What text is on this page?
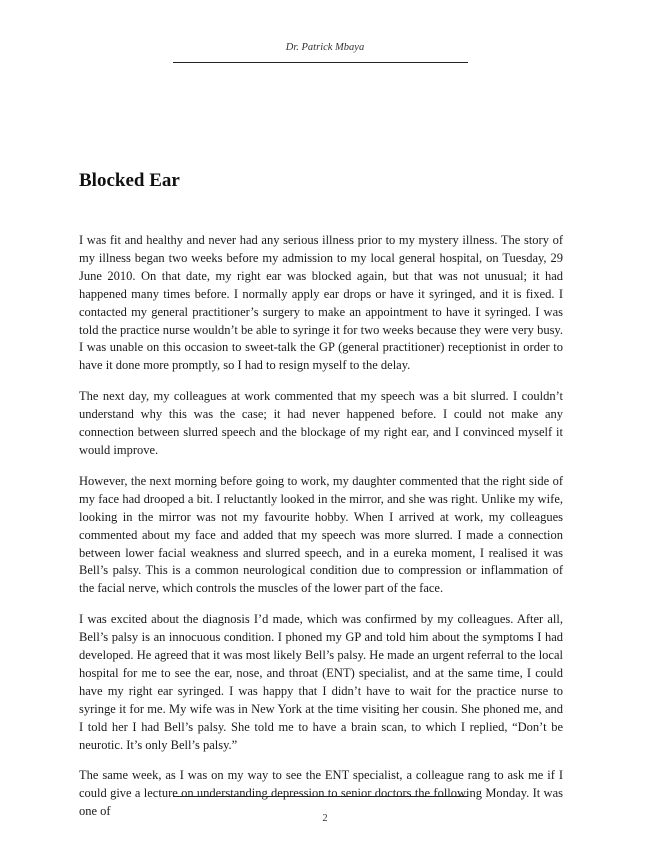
Dr. Patrick Mbaya
Blocked Ear

I was fit and healthy and never had any serious illness prior to my mystery illness. The story of my illness began two weeks before my admission to my local general hospital, on Tuesday, 29 June 2010. On that date, my right ear was blocked again, but that was not unusual; it had happened many times before. I normally apply ear drops or have it syringed, and it is fixed. I contacted my general practitioner’s surgery to make an appointment to have it syringed. I was told the practice nurse wouldn’t be able to syringe it for two weeks because they were very busy. I was unable on this occasion to sweet-talk the GP (general practitioner) receptionist in order to have it done more promptly, so I had to resign myself to the delay.

The next day, my colleagues at work commented that my speech was a bit slurred. I couldn’t understand why this was the case; it had never happened before. I could not make any connection between slurred speech and the blockage of my right ear, and I convinced myself it would improve.

However, the next morning before going to work, my daughter commented that the right side of my face had drooped a bit. I reluctantly looked in the mirror, and she was right. Unlike my wife, looking in the mirror was not my favourite hobby. When I arrived at work, my colleagues commented about my face and added that my speech was more slurred. I made a connection between lower facial weakness and slurred speech, and in a eureka moment, I realised it was Bell’s palsy. This is a common neurological condition due to compression or inflammation of the facial nerve, which controls the muscles of the lower part of the face.

I was excited about the diagnosis I’d made, which was confirmed by my colleagues. After all, Bell’s palsy is an innocuous condition. I phoned my GP and told him about the symptoms I had developed. He agreed that it was most likely Bell’s palsy. He made an urgent referral to the local hospital for me to see the ear, nose, and throat (ENT) specialist, and at the same time, I could have my right ear syringed. I was happy that I didn’t have to wait for the practice nurse to syringe it for me. My wife was in New York at the time visiting her cousin. She phoned me, and I told her I had Bell’s palsy. She told me to have a brain scan, to which I replied, “Don’t be neurotic. It’s only Bell’s palsy.”

The same week, as I was on my way to see the ENT specialist, a colleague rang to ask me if I could give a lecture on understanding depression to senior doctors the following Monday. It was one of

2
